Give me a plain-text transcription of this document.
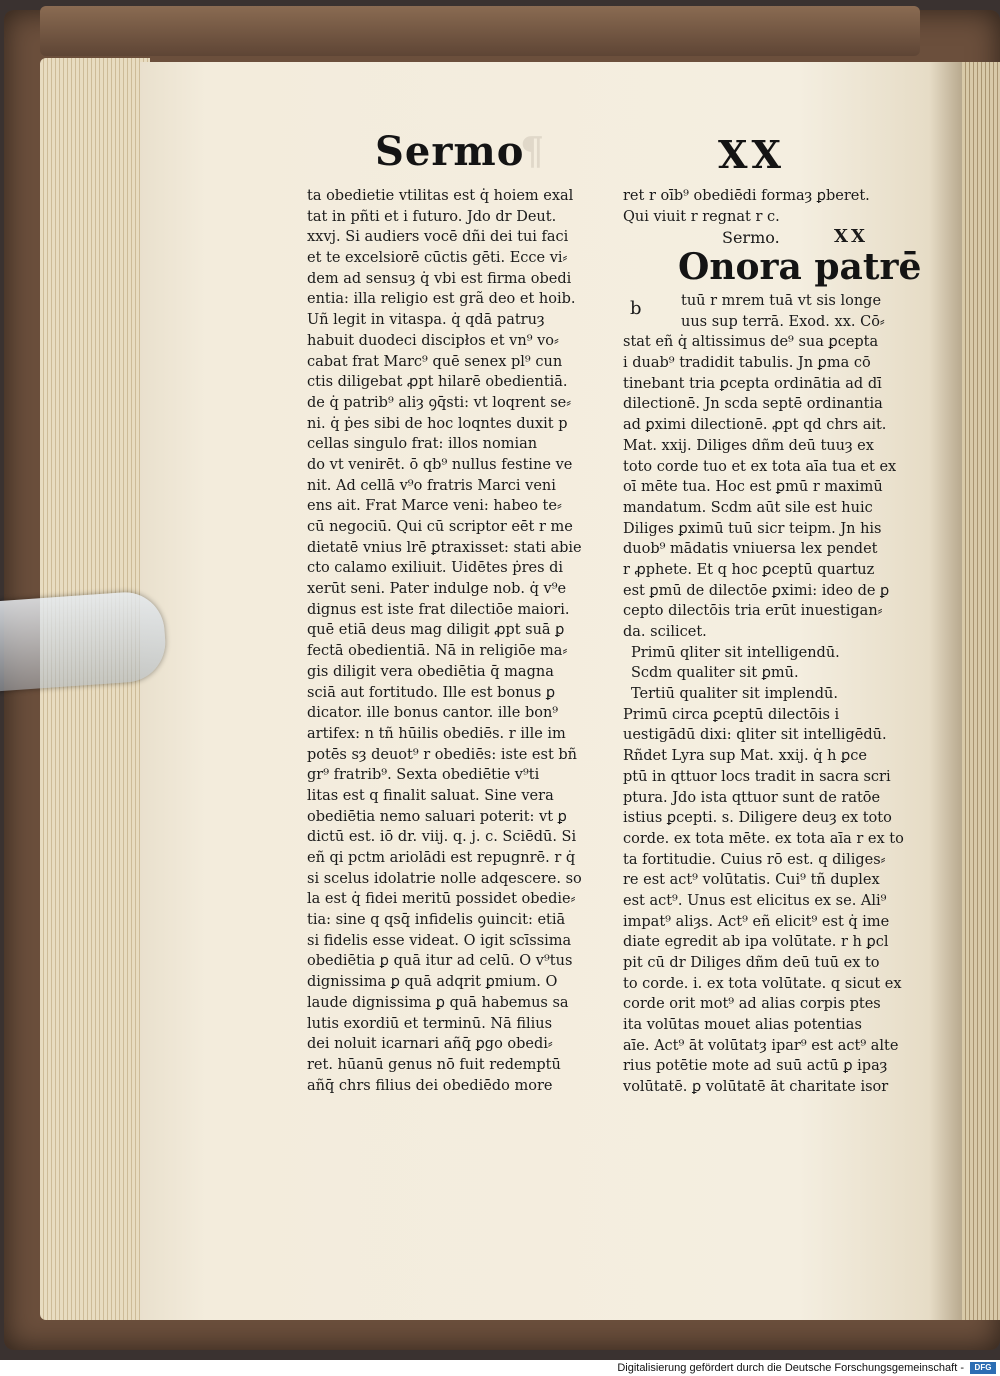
¶
Sermo	XX
ta obedietie vtilitas est q̇ hoiem exal
tat in pñti et i futuro. Jdo dr Deut.
xxvj. Si audiers vocē dñi dei tui faci
et te excelsiorē cūctis gēti. Ecce vi⸗
dem ad sensuȝ q̇ vbi est firma obedi
entia: illa religio est grã deo et hoib.
Uñ legit in vitaspa. q̇ qdā patruȝ
habuit duodeci discipłos et vn⁹ vo⸗
cabat frat Marc⁹ quē senex pl⁹ cun
ctis diligebat ꝓpt hilarē obedientiā.
de q̇ patrib⁹ aliȝ ꝯq̄sti: vt loqrent se⸗
ni. q̇ ṗes sibi de hoc loqntes duxit p
cellas singulo frat: illos nomian
do vt venirēt. ō qb⁹ nullus festine ve
nit. Ad cellā v⁹o fratris Marci veni
ens ait. Frat Marce veni: habeo te⸗
cū negociū. Qui cū scriptor eēt r me
dietatē vnius lrē ꝑtraxisset: stati abie
cto calamo exiliuit. Uidētes ṗres di
xerūt seni. Pater indulge nob. q̇ v⁹e
dignus est iste frat dilectiōe maiori.
quē etiā deus mag diligit ꝓpt suā ꝑ
fectā obedientiā. Nā in religiōe ma⸗
gis diligit vera obediētia q̄ magna
sciā aut fortitudo. Ille est bonus ꝑ
dicator. ille bonus cantor. ille bon⁹
artifex: n tñ hūilis obediēs. r ille im
potēs sȝ deuot⁹ r obediēs: iste est bñ
gr⁹ fratrib⁹. Sexta obediētie v⁹ti
litas est q finalit saluat. Sine vera
obediētia nemo saluari poterit: vt ꝑ
dictū est. iō dr. viij. q. j. c. Sciēdū. Si
eñ qi pctm ariolādi est repugnrē. r q̇
si scelus idolatrie nolle adqescere. so
la est q̇ fidei meritū possidet obedie⸗
tia: sine q qsq̄ infidelis ꝯuincit: etiā
si fidelis esse videat. O igit scīssima
obediētia ꝑ quā itur ad celū. O v⁹tus
dignissima ꝑ quā adqrit ꝑmium. O
laude dignissima ꝑ quā habemus sa
lutis exordiū et terminū. Nā filius
dei noluit icarnari añq̄ ꝑgo obedi⸗
ret. hūanū genus nō fuit redemptū
añq̄ chrs filius dei obediēdo more
ret r oīb⁹ obediēdi formaȝ ꝑberet.
Qui viuit r regnat r c.
Sermo.	XX
Onora patrē
b	tuū r mrem tuā vt sis longe
uus sup terrā. Exod. xx. Cō⸗
stat eñ q̇ altissimus de⁹ sua ꝑcepta
i duab⁹ tradidit tabulis. Jn ꝑma cō
tinebant tria ꝑcepta ordinātia ad dī
dilectionē. Jn scda septē ordinantia
ad ꝑximi dilectionē. ꝓpt qd chrs ait.
Mat. xxij. Diliges dñm deū tuuȝ ex
toto corde tuo et ex tota aīa tua et ex
oī mēte tua. Hoc est ꝑmū r maximū
mandatum. Scdm aūt sile est huic
Diliges ꝑximū tuū sicr teipm. Jn his
duob⁹ mādatis vniuersa lex pendet
r ꝓphete. Et q hoc ꝑceptū quartuz
est ꝑmū de dilectōe ꝑximi: ideo de ꝑ
cepto dilectōis tria erūt inuestigan⸗
da. scilicet.
Primū qliter sit intelligendū.
Scdm qualiter sit ꝑmū.
Tertiū qualiter sit implendū.
Primū circa ꝑceptū dilectōis i
uestigādū dixi: qliter sit intelligēdū.
Rñdet Lyra sup Mat. xxij. q̇ h ꝑce
ptū in qttuor locs tradit in sacra scri
ptura. Jdo ista qttuor sunt de ratōe
istius ꝑcepti. s. Diligere deuȝ ex toto
corde. ex tota mēte. ex tota aīa r ex to
ta fortitudie. Cuius rō est. q diliges⸗
re est act⁹ volūtatis. Cui⁹ tñ duplex
est act⁹. Unus est elicitus ex se. Ali⁹
impat⁹ aliȝs. Act⁹ eñ elicit⁹ est q̇ ime
diate egredit ab ipa volūtate. r h ꝑcl
pit cū dr Diliges dñm deū tuū ex to
to corde. i. ex tota volūtate. q sicut ex
corde orit mot⁹ ad alias corpis ptes
ita volūtas mouet alias potentias
aīe. Act⁹ āt volūtatȝ ipar⁹ est act⁹ alte
rius potētie mote ad suū actū ꝑ ipaȝ
volūtatē. ꝑ volūtatē āt charitate isor
Digitalisierung gefördert durch die Deutsche Forschungsgemeinschaft -	DFG
